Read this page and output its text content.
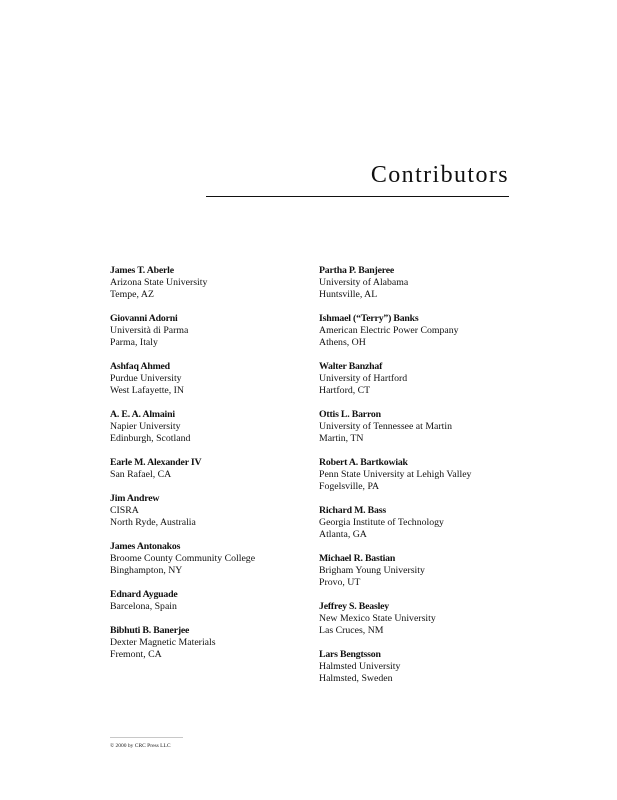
Contributors
James T. Aberle
Arizona State University
Tempe, AZ
Giovanni Adorni
Università di Parma
Parma, Italy
Ashfaq Ahmed
Purdue University
West Lafayette, IN
A. E. A. Almaini
Napier University
Edinburgh, Scotland
Earle M. Alexander IV
San Rafael, CA
Jim Andrew
CISRA
North Ryde, Australia
James Antonakos
Broome County Community College
Binghampton, NY
Ednard Ayguade
Barcelona, Spain
Bibhuti B. Banerjee
Dexter Magnetic Materials
Fremont, CA
Partha P. Banjeree
University of Alabama
Huntsville, AL
Ishmael (“Terry”) Banks
American Electric Power Company
Athens, OH
Walter Banzhaf
University of Hartford
Hartford, CT
Ottis L. Barron
University of Tennessee at Martin
Martin, TN
Robert A. Bartkowiak
Penn State University at Lehigh Valley
Fogelsville, PA
Richard M. Bass
Georgia Institute of Technology
Atlanta, GA
Michael R. Bastian
Brigham Young University
Provo, UT
Jeffrey S. Beasley
New Mexico State University
Las Cruces, NM
Lars Bengtsson
Halmsted University
Halmsted, Sweden
© 2000 by CRC Press LLC
